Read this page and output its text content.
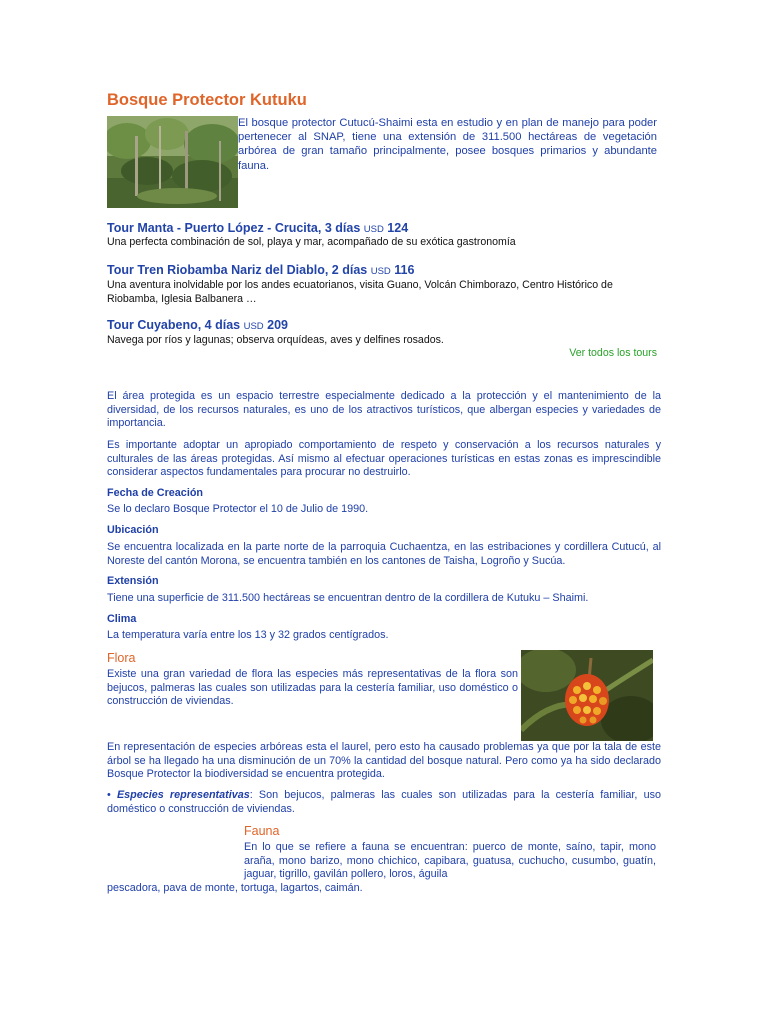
Bosque Protector Kutuku
El bosque protector Cutucú-Shaimi esta en estudio y en plan de manejo para poder pertenecer al SNAP, tiene una extensión de 311.500 hectáreas de vegetación arbórea de gran tamaño principalmente, posee bosques primarios y abundante fauna.
Tour Manta - Puerto López - Crucita, 3 días USD 124
Una perfecta combinación de sol, playa y mar, acompañado de su exótica gastronomía
Tour Tren Riobamba Nariz del Diablo, 2 días USD 116
Una aventura inolvidable por los andes ecuatorianos, visita Guano, Volcán Chimborazo, Centro Histórico de Riobamba, Iglesia Balbanera …
Tour Cuyabeno, 4 días USD 209
Navega por ríos y lagunas; observa orquídeas, aves y delfines rosados.
Ver todos los tours
El área protegida es un espacio terrestre especialmente dedicado a la protección y el mantenimiento de la diversidad, de los recursos naturales, es uno de los atractivos turísticos, que albergan especies y variedades de importancia.
Es importante adoptar un apropiado comportamiento de respeto y conservación a los recursos naturales y culturales de las áreas protegidas. Así mismo al efectuar operaciones turísticas en estas zonas es imprescindible considerar aspectos fundamentales para procurar no destruirlo.
Fecha de Creación
Se lo declaro Bosque Protector el 10 de Julio de 1990.
Ubicación
Se encuentra localizada en la parte norte de la parroquia Cuchaentza, en las estribaciones y cordillera Cutucú, al Noreste del cantón Morona, se encuentra también en los cantones de Taisha, Logroño y Sucúa.
Extensión
Tiene una superficie de 311.500 hectáreas se encuentran dentro de la cordillera de Kutuku – Shaimi.
Clima
La temperatura varía entre los 13 y 32 grados centígrados.
Flora
Existe una gran variedad de flora las especies más representativas de la flora son bejucos, palmeras las cuales son utilizadas para la cestería familiar, uso doméstico o construcción de viviendas.
En representación de especies arbóreas esta el laurel, pero esto ha causado problemas ya que por la tala de este árbol se ha llegado ha una disminución de un 70% la cantidad del bosque natural. Pero como ya ha sido declarado Bosque Protector la biodiversidad se encuentra protegida.
• Especies representativas: Son bejucos, palmeras las cuales son utilizadas para la cestería familiar, uso doméstico o construcción de viviendas.
Fauna
En lo que se refiere a fauna se encuentran: puerco de monte, saíno, tapir, mono araña, mono barizo, mono chichico, capibara, guatusa, cuchucho, cusumbo, guatín, jaguar, tigrillo, gavilán pollero, loros, águila
pescadora, pava de monte, tortuga, lagartos, caimán.
